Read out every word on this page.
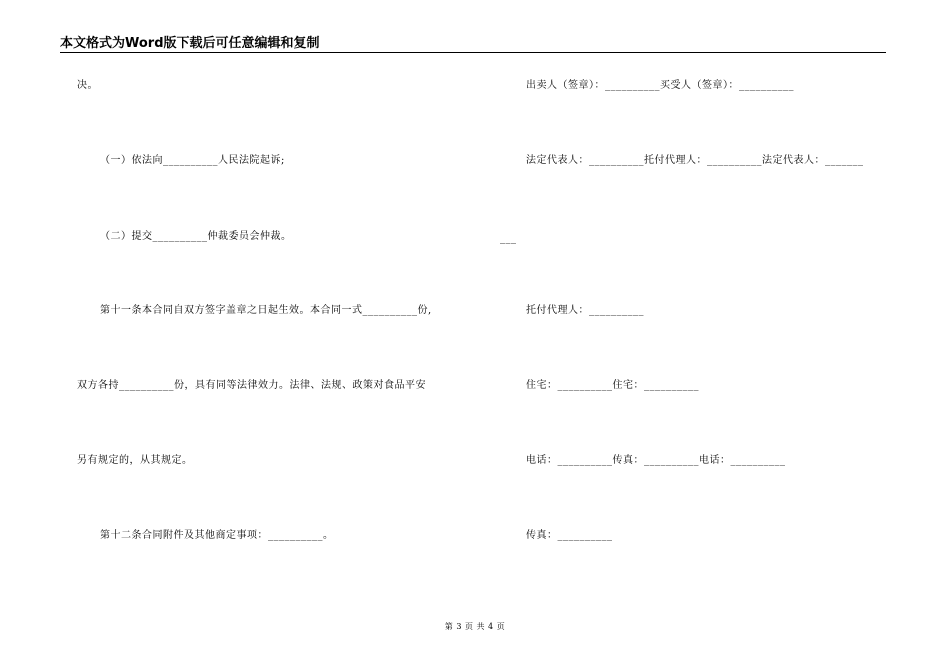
本文格式为Word版下载后可任意编辑和复制
决。
（一）依法向__________人民法院起诉;
（二）提交__________仲裁委员会仲裁。
第十一条本合同自双方签字盖章之日起生效。本合同一式__________份,
双方各持__________份，具有同等法律效力。法律、法规、政策对食品平安
另有规定的，从其规定。
第十二条合同附件及其他商定事项：__________。
出卖人（签章）：__________买受人（签章）：__________
法定代表人：__________托付代理人：__________法定代表人：_______
___
托付代理人：__________
住宅：__________住宅：__________
电话：__________传真：__________电话：__________
传真：__________
第 3 页 共 4 页
